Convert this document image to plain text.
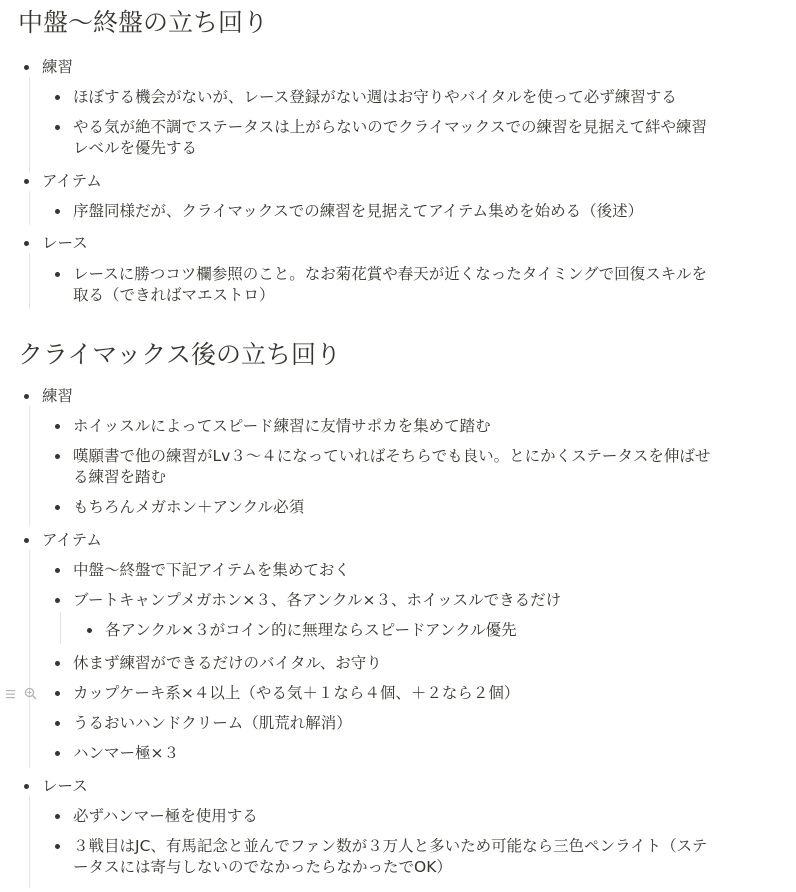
中盤～終盤の立ち回り
練習
ほぼする機会がないが、レース登録がない週はお守りやバイタルを使って必ず練習する
やる気が絶不調でステータスは上がらないのでクライマックスでの練習を見据えて絆や練習レベルを優先する
アイテム
序盤同様だが、クライマックスでの練習を見据えてアイテム集めを始める（後述）
レース
レースに勝つコツ欄参照のこと。なお菊花賞や春天が近くなったタイミングで回復スキルを取る（できればマエストロ）
クライマックス後の立ち回り
練習
ホイッスルによってスピード練習に友情サポカを集めて踏む
嘆願書で他の練習がLv３～４になっていればそちらでも良い。とにかくステータスを伸ばせる練習を踏む
もちろんメガホン＋アンクル必須
アイテム
中盤～終盤で下記アイテムを集めておく
ブートキャンプメガホン×３、各アンクル×３、ホイッスルできるだけ
各アンクル×３がコイン的に無理ならスピードアンクル優先
休まず練習ができるだけのバイタル、お守り
カップケーキ系×４以上（やる気＋１なら４個、＋２なら２個）
うるおいハンドクリーム（肌荒れ解消）
ハンマー極×３
レース
必ずハンマー極を使用する
３戦目はJC、有馬記念と並んでファン数が３万人と多いため可能なら三色ペンライト（ステータスには寄与しないのでなかったらなかったでOK）
